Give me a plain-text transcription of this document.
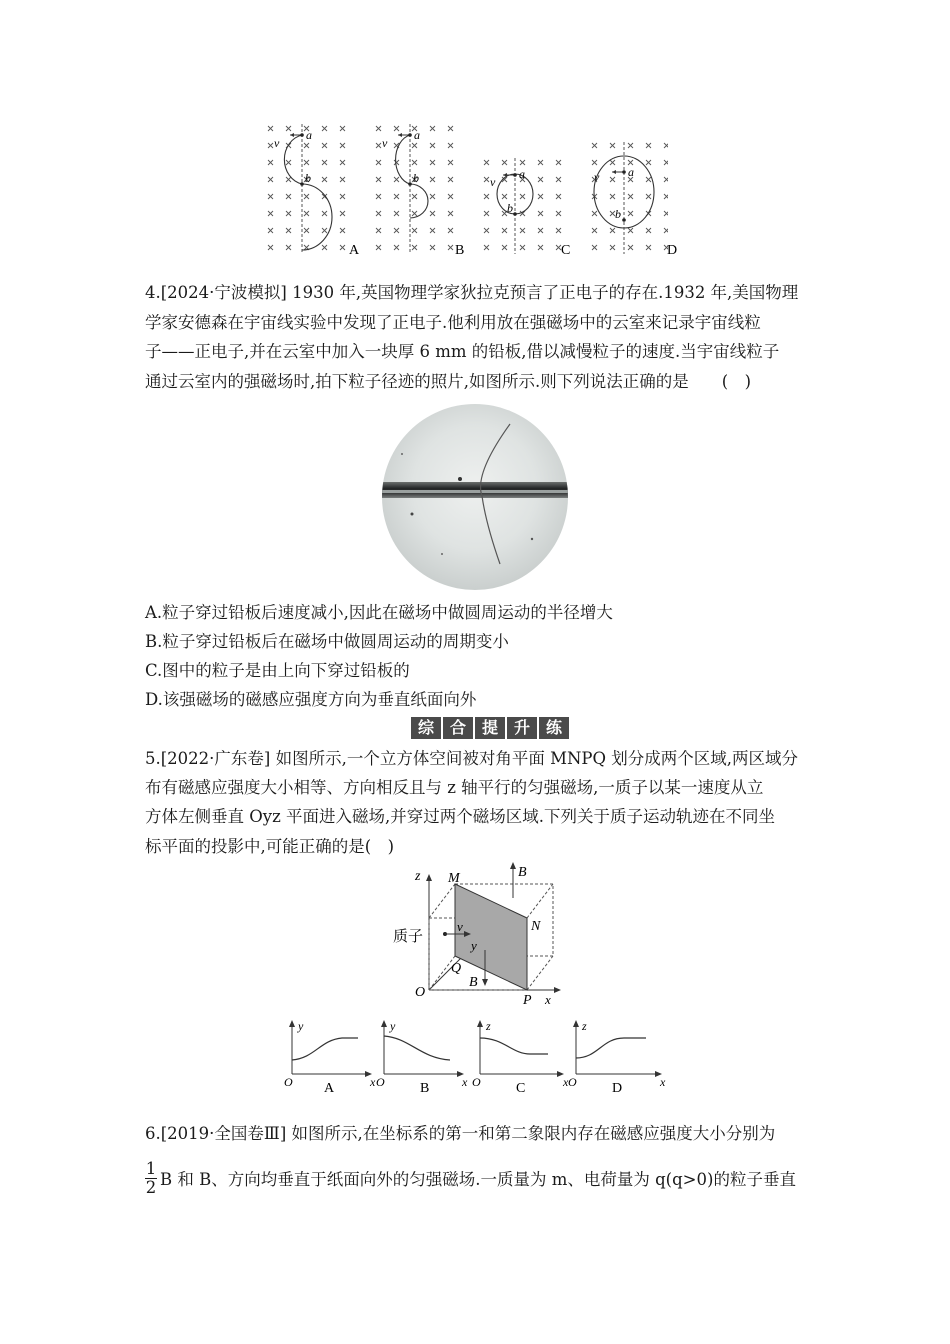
v
a
b
A
v
a
b
B
v
a
b
C
v a
b
D
4.[2024·宁波模拟] 1930 年,英国物理学家狄拉克预言了正电子的存在.1932 年,美国物理
学家安德森在宇宙线实验中发现了正电子.他利用放在强磁场中的云室来记录宇宙线粒
子——正电子,并在云室中加入一块厚 6 mm 的铅板,借以减慢粒子的速度.当宇宙线粒子
通过云室内的强磁场时,拍下粒子径迹的照片,如图所示.则下列说法正确的是　　(　)
A.粒子穿过铅板后速度减小,因此在磁场中做圆周运动的半径增大
B.粒子穿过铅板后在磁场中做圆周运动的周期变小
C.图中的粒子是由上向下穿过铅板的
D.该强磁场的磁感应强度方向为垂直纸面向外
综 合 提 升 练
5.[2022·广东卷] 如图所示,一个立方体空间被对角平面 MNPQ 划分成两个区域,两区域分
布有磁感应强度大小相等、方向相反且与 z 轴平行的匀强磁场,一质子以某一速度从立
方体左侧垂直 Oyz 平面进入磁场,并穿过两个磁场区域.下列关于质子运动轨迹在不同坐
标平面的投影中,可能正确的是(　)
z M	B
N
质子
v
y
Q
B
O
P x
y
O	x
A
y
O	x
B
z
O	x
C
z
O	x
D
6.[2019·全国卷Ⅲ] 如图所示,在坐标系的第一和第二象限内存在磁感应强度大小分别为
$\frac{1}{2}$ B 和 B、方向均垂直于纸面向外的匀强磁场.一质量为 m、电荷量为 q(q>0)的粒子垂直
